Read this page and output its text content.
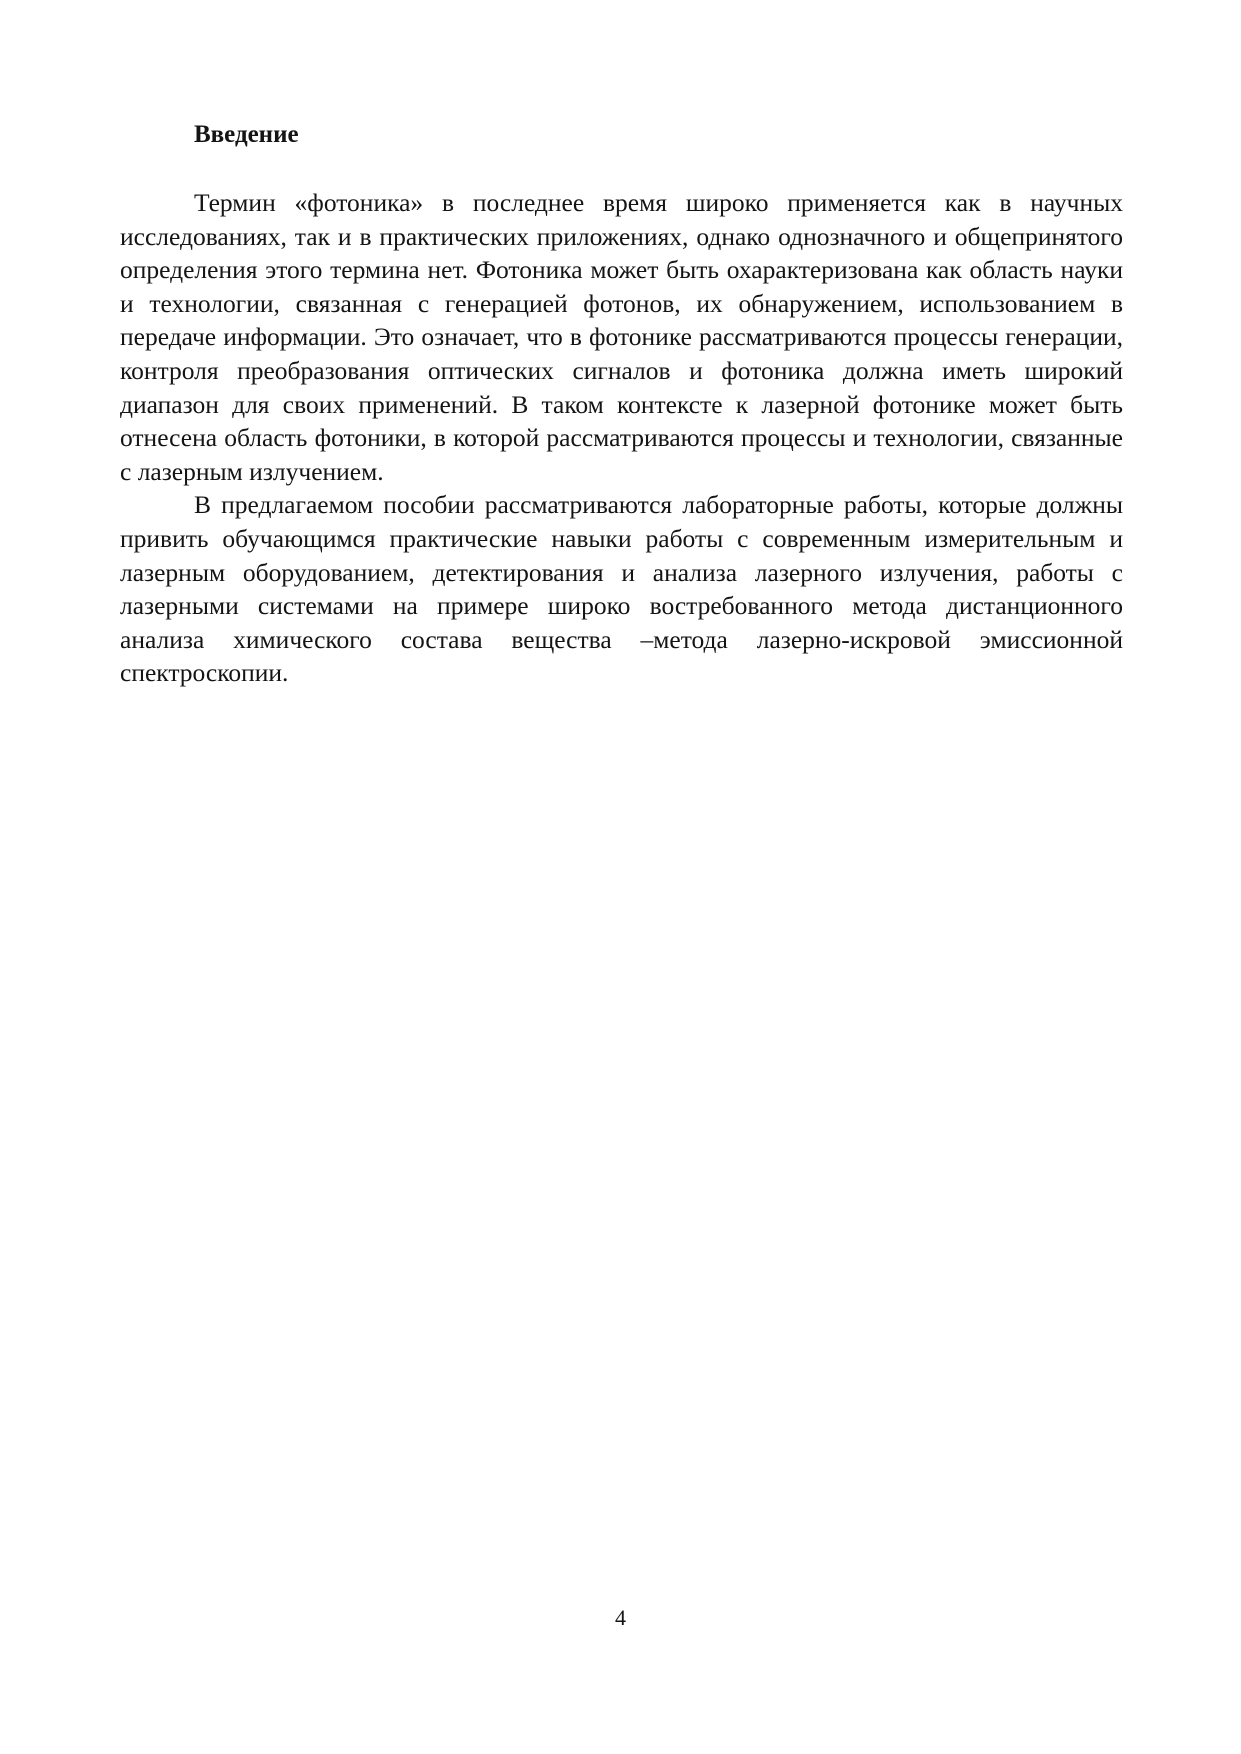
Введение

Термин «фотоника» в последнее время широко применяется как в научных исследованиях, так и в практических приложениях, однако однозначного и общепринятого определения этого термина нет. Фотоника может быть охарактеризована как область науки и технологии, связанная с генерацией фотонов, их обнаружением, использованием в передаче информации. Это означает, что в фотонике рассматриваются процессы генерации, контроля преобразования оптических сигналов и фотоника должна иметь широкий диапазон для своих применений. В таком контексте к лазерной фотонике может быть отнесена область фотоники, в которой рассматриваются процессы и технологии, связанные с лазерным излучением.

В предлагаемом пособии рассматриваются лабораторные работы, которые должны привить обучающимся практические навыки работы с современным измерительным и лазерным оборудованием, детектирования и анализа лазерного излучения, работы с лазерными системами на примере широко востребованного метода дистанционного анализа химического состава вещества –метода лазерно-искровой эмиссионной спектроскопии.

4
